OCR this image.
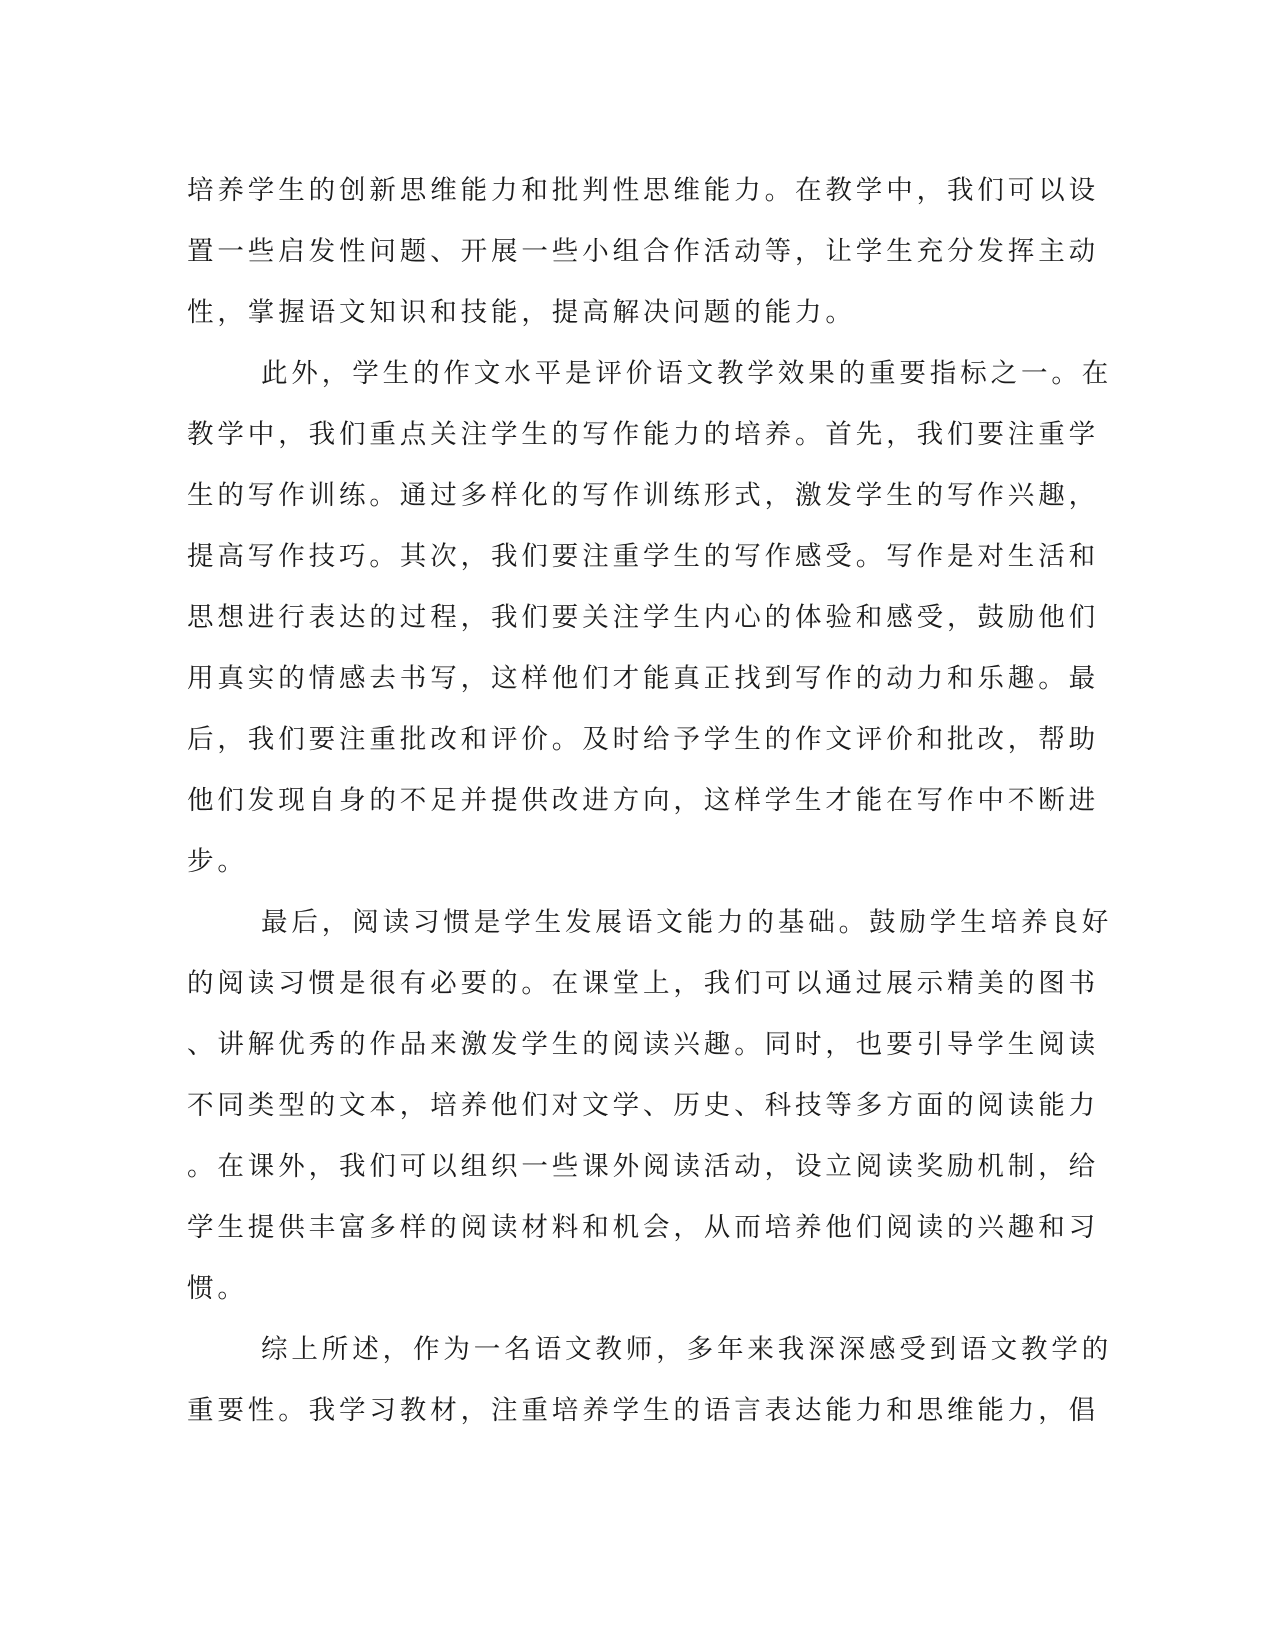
培养学生的创新思维能力和批判性思维能力。在教学中，我们可以设
置一些启发性问题、开展一些小组合作活动等，让学生充分发挥主动
性，掌握语文知识和技能，提高解决问题的能力。
此外，学生的作文水平是评价语文教学效果的重要指标之一。在
教学中，我们重点关注学生的写作能力的培养。首先，我们要注重学
生的写作训练。通过多样化的写作训练形式，激发学生的写作兴趣，
提高写作技巧。其次，我们要注重学生的写作感受。写作是对生活和
思想进行表达的过程，我们要关注学生内心的体验和感受，鼓励他们
用真实的情感去书写，这样他们才能真正找到写作的动力和乐趣。最
后，我们要注重批改和评价。及时给予学生的作文评价和批改，帮助
他们发现自身的不足并提供改进方向，这样学生才能在写作中不断进
步。
最后，阅读习惯是学生发展语文能力的基础。鼓励学生培养良好
的阅读习惯是很有必要的。在课堂上，我们可以通过展示精美的图书
、讲解优秀的作品来激发学生的阅读兴趣。同时，也要引导学生阅读
不同类型的文本，培养他们对文学、历史、科技等多方面的阅读能力
。在课外，我们可以组织一些课外阅读活动，设立阅读奖励机制，给
学生提供丰富多样的阅读材料和机会，从而培养他们阅读的兴趣和习
惯。
综上所述，作为一名语文教师，多年来我深深感受到语文教学的
重要性。我学习教材，注重培养学生的语言表达能力和思维能力，倡
